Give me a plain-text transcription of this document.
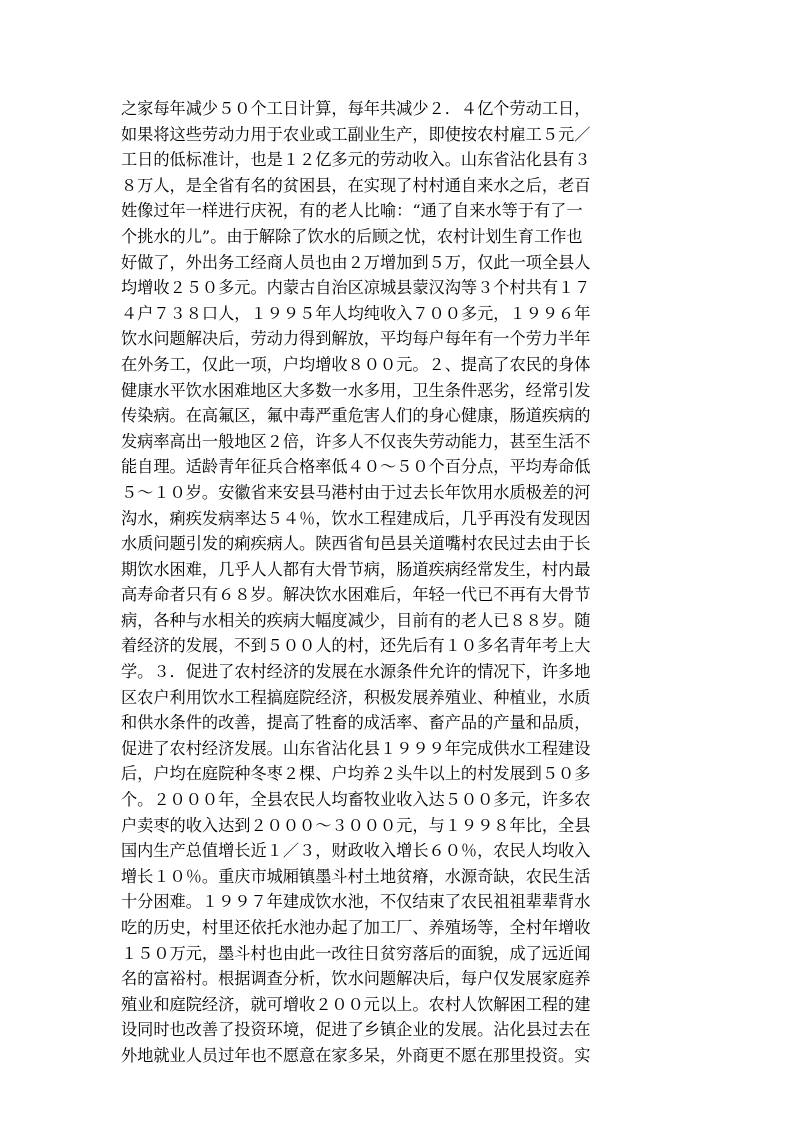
之家每年减少５０个工日计算，每年共减少２．４亿个劳动工日，
如果将这些劳动力用于农业或工副业生产，即使按农村雇工５元／
工日的低标准计，也是１２亿多元的劳动收入。山东省沾化县有３
８万人，是全省有名的贫困县，在实现了村村通自来水之后，老百
姓像过年一样进行庆祝，有的老人比喻：“通了自来水等于有了一
个挑水的儿”。由于解除了饮水的后顾之忧，农村计划生育工作也
好做了，外出务工经商人员也由２万增加到５万，仅此一项全县人
均增收２５０多元。内蒙古自治区凉城县蒙汉沟等３个村共有１７
４户７３８口人，１９９５年人均纯收入７００多元，１９９６年
饮水问题解决后，劳动力得到解放，平均每户每年有一个劳力半年
在外务工，仅此一项，户均增收８００元。２、提高了农民的身体
健康水平饮水困难地区大多数一水多用，卫生条件恶劣，经常引发
传染病。在高氟区，氟中毒严重危害人们的身心健康，肠道疾病的
发病率高出一般地区２倍，许多人不仅丧失劳动能力，甚至生活不
能自理。适龄青年征兵合格率低４０～５０个百分点，平均寿命低
５～１０岁。安徽省来安县马港村由于过去长年饮用水质极差的河
沟水，痢疾发病率达５４％，饮水工程建成后，几乎再没有发现因
水质问题引发的痢疾病人。陕西省旬邑县关道嘴村农民过去由于长
期饮水困难，几乎人人都有大骨节病，肠道疾病经常发生，村内最
高寿命者只有６８岁。解决饮水困难后，年轻一代已不再有大骨节
病，各种与水相关的疾病大幅度减少，目前有的老人已８８岁。随
着经济的发展，不到５００人的村，还先后有１０多名青年考上大
学。３．促进了农村经济的发展在水源条件允许的情况下，许多地
区农户利用饮水工程搞庭院经济，积极发展养殖业、种植业，水质
和供水条件的改善，提高了牲畜的成活率、畜产品的产量和品质，
促进了农村经济发展。山东省沾化县１９９９年完成供水工程建设
后，户均在庭院种冬枣２棵、户均养２头牛以上的村发展到５０多
个。２０００年，全县农民人均畜牧业收入达５００多元，许多农
户卖枣的收入达到２０００～３０００元，与１９９８年比，全县
国内生产总值增长近１／３，财政收入增长６０％，农民人均收入
增长１０％。重庆市城厢镇墨斗村土地贫瘠，水源奇缺，农民生活
十分困难。１９９７年建成饮水池，不仅结束了农民祖祖辈辈背水
吃的历史，村里还依托水池办起了加工厂、养殖场等，全村年增收
１５０万元，墨斗村也由此一改往日贫穷落后的面貌，成了远近闻
名的富裕村。根据调查分析，饮水问题解决后，每户仅发展家庭养
殖业和庭院经济，就可增收２００元以上。农村人饮解困工程的建
设同时也改善了投资环境，促进了乡镇企业的发展。沾化县过去在
外地就业人员过年也不愿意在家多呆，外商更不愿在那里投资。实
